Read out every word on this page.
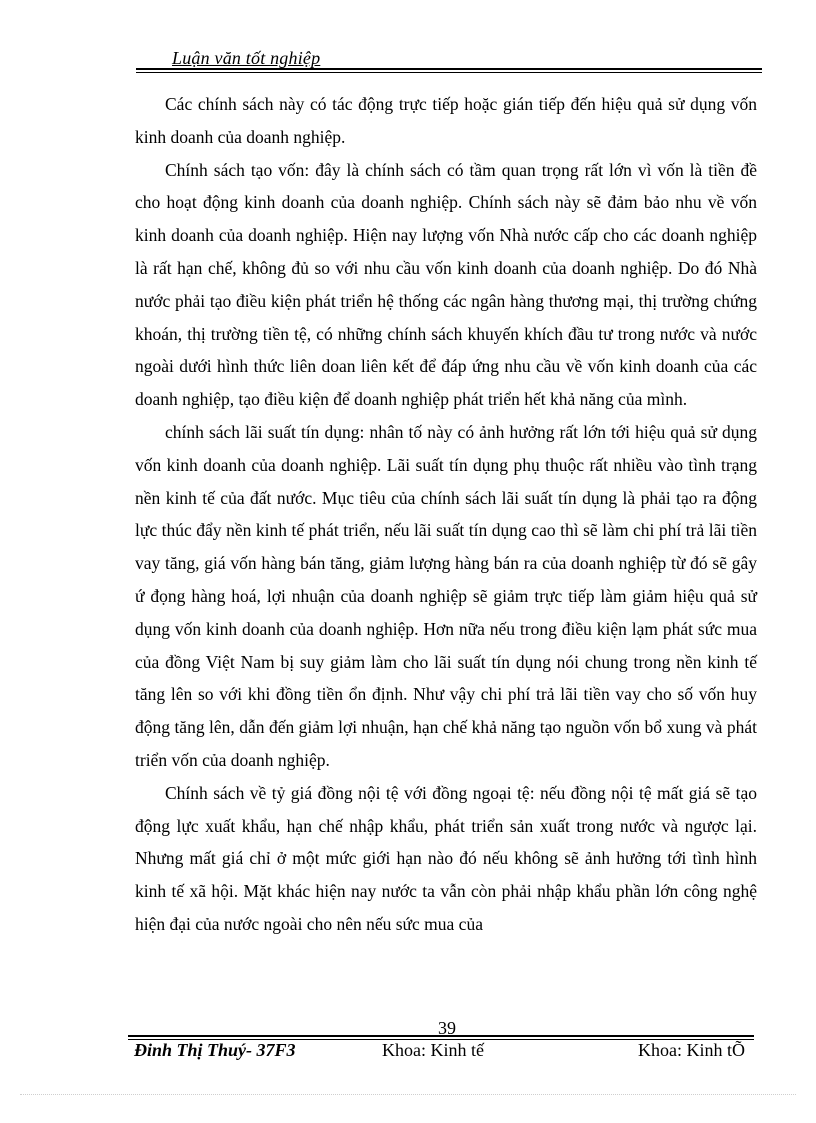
Luận văn tốt nghiệp

Các chính sách này có tác động trực tiếp hoặc gián tiếp đến hiệu quả sử dụng vốn kinh doanh của doanh nghiệp.

Chính sách tạo vốn: đây là chính sách có tầm quan trọng rất lớn vì vốn là tiền đề cho hoạt động kinh doanh của doanh nghiệp. Chính sách này sẽ đảm bảo nhu về vốn kinh doanh của doanh nghiệp. Hiện nay lượng vốn Nhà nước cấp cho các doanh nghiệp là rất hạn chế, không đủ so với nhu cầu vốn kinh doanh của doanh nghiệp. Do đó Nhà nước phải tạo điều kiện phát triển hệ thống các ngân hàng thương mại, thị trường chứng khoán, thị trường tiền tệ, có những chính sách khuyến khích đầu tư trong nước và nước ngoài dưới hình thức liên doan liên kết để đáp ứng nhu cầu về vốn kinh doanh của các doanh nghiệp, tạo điều kiện để doanh nghiệp phát triển hết khả năng của mình.

chính sách lãi suất tín dụng: nhân tố này có ảnh hưởng rất lớn tới hiệu quả sử dụng vốn kinh doanh của doanh nghiệp. Lãi suất tín dụng phụ thuộc rất nhiều vào tình trạng nền kinh tế của đất nước. Mục tiêu của chính sách lãi suất tín dụng là phải tạo ra động lực thúc đẩy nền kinh tế phát triển, nếu lãi suất tín dụng cao thì sẽ làm chi phí trả lãi tiền vay tăng, giá vốn hàng bán tăng, giảm lượng hàng bán ra của doanh nghiệp từ đó sẽ gây ứ đọng hàng hoá, lợi nhuận của doanh nghiệp sẽ giảm trực tiếp làm giảm hiệu quả sử dụng vốn kinh doanh của doanh nghiệp. Hơn nữa nếu trong điều kiện lạm phát sức mua của đồng Việt Nam bị suy giảm làm cho lãi suất tín dụng nói chung trong nền kinh tế tăng lên so với khi đồng tiền ổn định. Như vậy chi phí trả lãi tiền vay cho số vốn huy động tăng lên, dẫn đến giảm lợi nhuận, hạn chế khả năng tạo nguồn vốn bổ xung và phát triển vốn của doanh nghiệp.

Chính sách về tỷ giá đồng nội tệ với đồng ngoại tệ: nếu đồng nội tệ mất giá sẽ tạo động lực xuất khẩu, hạn chế nhập khẩu, phát triển sản xuất trong nước và ngược lại. Nhưng mất giá chỉ ở một mức giới hạn nào đó nếu không sẽ ảnh hưởng tới tình hình kinh tế xã hội. Mặt khác hiện nay nước ta vẫn còn phải nhập khẩu phần lớn công nghệ hiện đại của nước ngoài cho nên nếu sức mua của

39
Đinh Thị Thuý- 37F3	Khoa: Kinh tế	Khoa: Kinh tÕ
